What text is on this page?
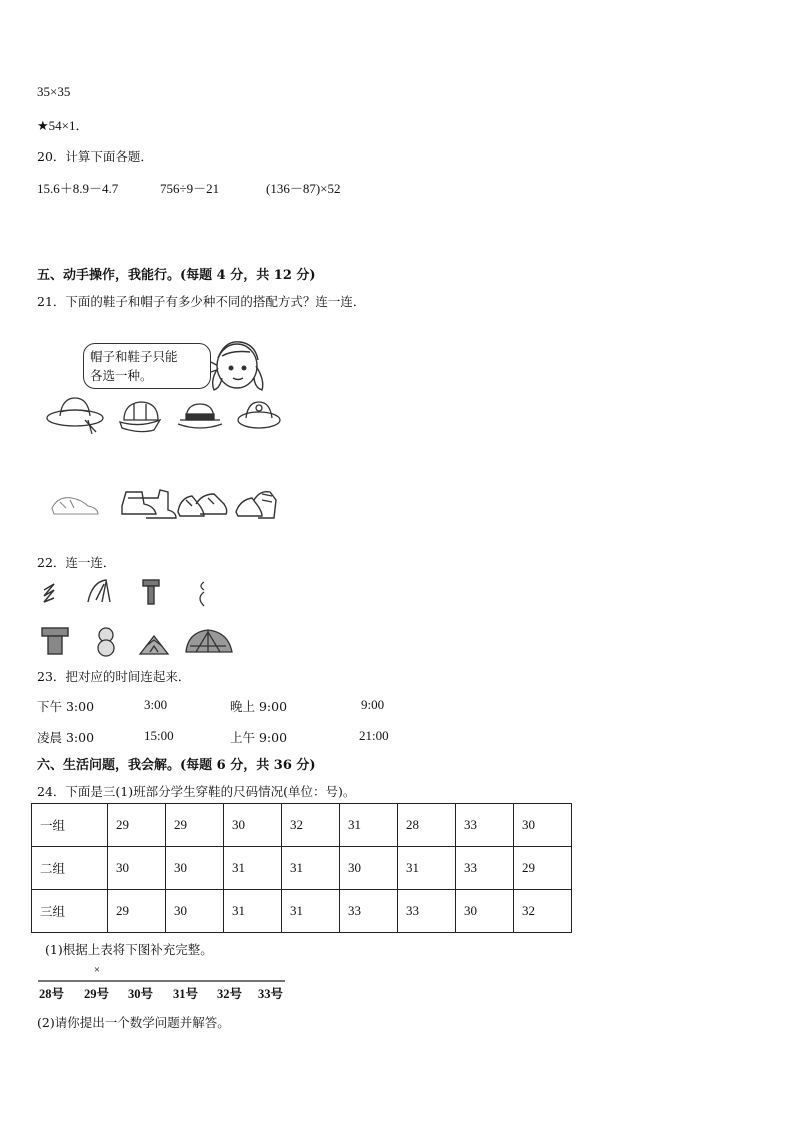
35×35
★54×1．
20．计算下面各题．
15.6＋8.9－4.7	756÷9－21	(136－87)×52
五、动手操作，我能行。(每题 4 分，共 12 分)
21．下面的鞋子和帽子有多少种不同的搭配方式？连一连．
帽子和鞋子只能
各选一种。
22．连一连．
23．把对应的时间连起来．
下午 3:00	3:00	晚上 9:00	9:00
凌晨 3:00	15:00	上午 9:00	21:00
六、生活问题，我会解。(每题 6 分，共 36 分)
24．下面是三(1)班部分学生穿鞋的尺码情况(单位：号)。
一组	29	29	30	32	31	28	33	30
二组	30	30	31	31	30	31	33	29
三组	29	30	31	31	33	33	30	32
(1)根据上表将下图补充完整。
×
28号 29号 30号 31号 32号 33号
(2)请你提出一个数学问题并解答。
